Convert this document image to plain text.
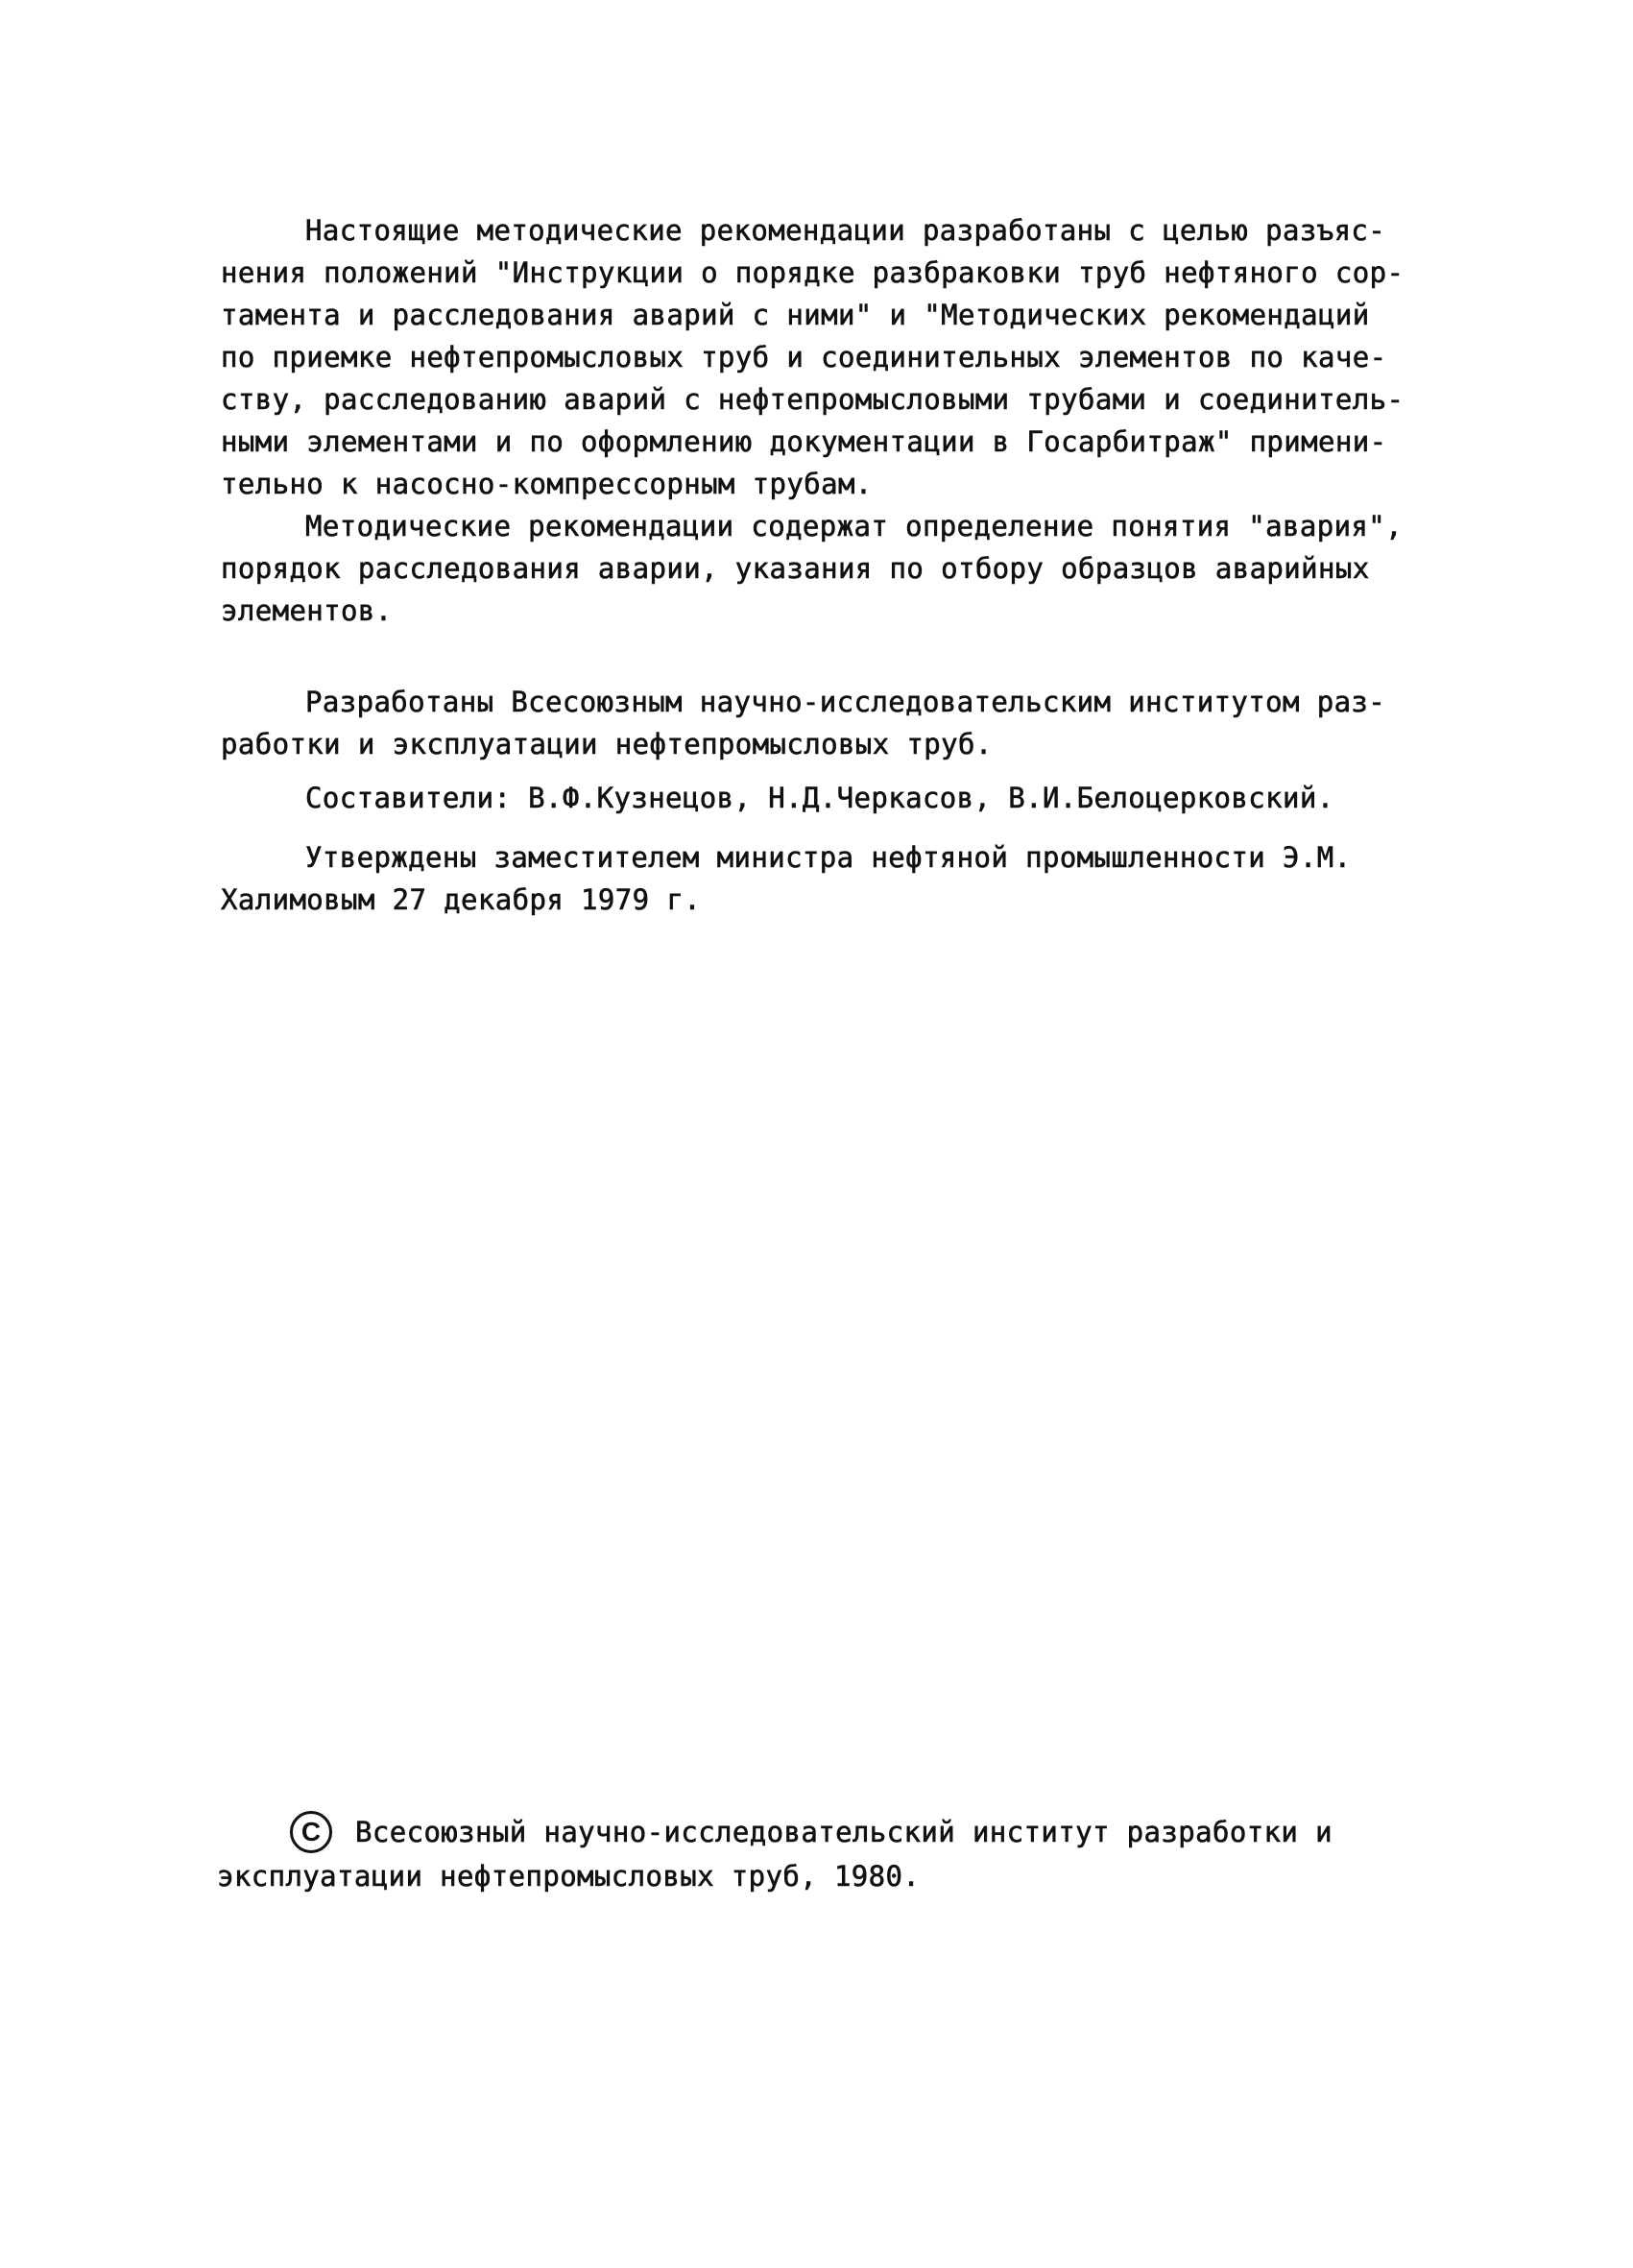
Настоящие методические рекомендации разработаны с целью разъяс-
нения положений "Инструкции о порядке разбраковки труб нефтяного сор-
тамента и расследования аварий с ними" и "Методических рекомендаций
по приемке нефтепромысловых труб и соединительных элементов по каче-
ству, расследованию аварий с нефтепромысловыми трубами и соединитель-
ными элементами и по оформлению документации в Госарбитраж" примени-
тельно к насосно-компрессорным трубам.
Методические рекомендации содержат определение понятия "авария",
порядок расследования аварии, указания по отбору образцов аварийных
элементов.
Разработаны Всесоюзным научно-исследовательским институтом раз-
работки и эксплуатации нефтепромысловых труб.
Составители: В.Ф.Кузнецов, Н.Д.Черкасов, В.И.Белоцерковский.
Утверждены заместителем министра нефтяной промышленности Э.М.
Халимовым 27 декабря 1979 г.
C	Всесоюзный научно-исследовательский институт разработки и
эксплуатации нефтепромысловых труб, 1980.
